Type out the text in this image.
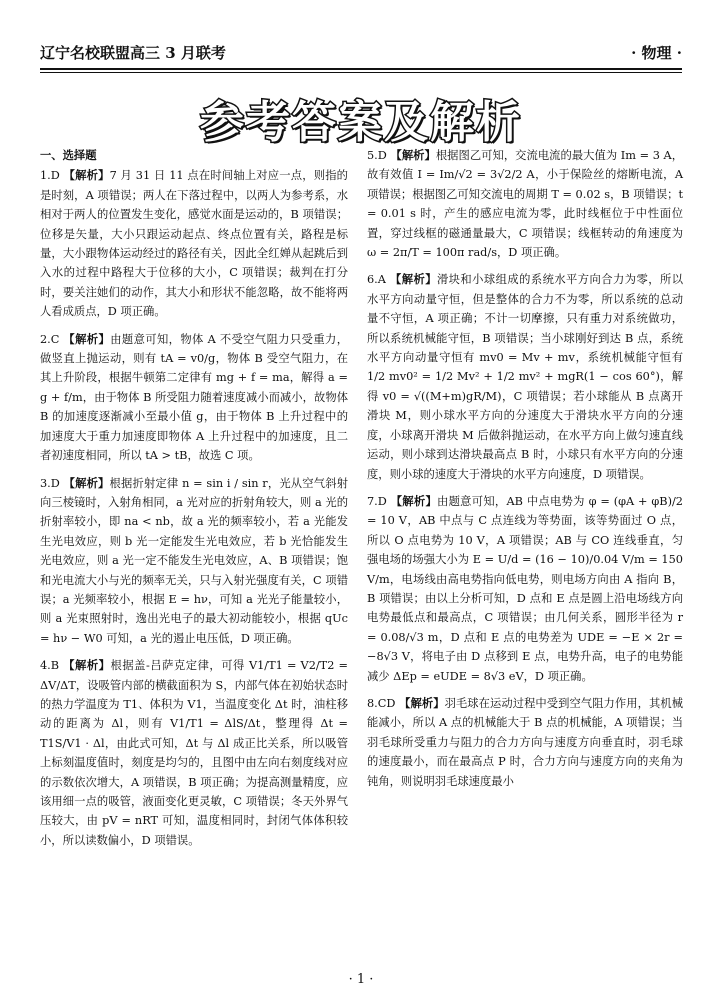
辽宁名校联盟高三 3 月联考	· 物理 ·
参考答案及解析

一、选择题

1.D 【解析】7 月 31 日 11 点在时间轴上对应一点，则指的是时刻，A 项错误；两人在下落过程中，以两人为参考系，水相对于两人的位置发生变化，感觉水面是运动的，B 项错误；位移是矢量，大小只跟运动起点、终点位置有关，路程是标量，大小跟物体运动经过的路径有关，因此全红婵从起跳后到入水的过程中路程大于位移的大小，C 项错误；裁判在打分时，要关注她们的动作，其大小和形状不能忽略，故不能将两人看成质点，D 项正确。

2.C 【解析】由题意可知，物体 A 不受空气阻力只受重力，做竖直上抛运动，则有 tA = v0/g，物体 B 受空气阻力，在其上升阶段，根据牛顿第二定律有 mg + f = ma，解得 a = g + f/m，由于物体 B 所受阻力随着速度减小而减小，故物体 B 的加速度逐渐减小至最小值 g，由于物体 B 上升过程中的加速度大于重力加速度即物体 A 上升过程中的加速度，且二者初速度相同，所以 tA > tB，故选 C 项。

3.D 【解析】根据折射定律 n = sin i / sin r，光从空气斜射向三棱镜时，入射角相同，a 光对应的折射角较大，则 a 光的折射率较小，即 na < nb，故 a 光的频率较小，若 a 光能发生光电效应，则 b 光一定能发生光电效应，若 b 光恰能发生光电效应，则 a 光一定不能发生光电效应，A、B 项错误；饱和光电流大小与光的频率无关，只与入射光强度有关，C 项错误；a 光频率较小，根据 E = hν，可知 a 光光子能量较小，则 a 光束照射时，逸出光电子的最大初动能较小，根据 qUc = hν − W0 可知，a 光的遏止电压低，D 项正确。

4.B 【解析】根据盖-吕萨克定律，可得 V1/T1 = V2/T2 = ΔV/ΔT，设吸管内部的横截面积为 S，内部气体在初始状态时的热力学温度为 T1、体积为 V1，当温度变化 Δt 时，油柱移动的距离为 Δl，则有 V1/T1 = ΔlS/Δt，整理得 Δt = T1S/V1 · Δl，由此式可知，Δt 与 Δl 成正比关系，所以吸管上标刻温度值时，刻度是均匀的，且图中由左向右刻度线对应的示数依次增大，A 项错误，B 项正确；为提高测量精度，应该用细一点的吸管，液面变化更灵敏，C 项错误；冬天外界气压较大，由 pV = nRT 可知，温度相同时，封闭气体体积较小，所以读数偏小，D 项错误。

5.D 【解析】根据图乙可知，交流电流的最大值为 Im = 3 A，故有效值 I = Im/√2 = 3√2/2 A，小于保险丝的熔断电流，A 项错误；根据图乙可知交流电的周期 T = 0.02 s，B 项错误；t = 0.01 s 时，产生的感应电流为零，此时线框位于中性面位置，穿过线框的磁通量最大，C 项错误；线框转动的角速度为 ω = 2π/T = 100π rad/s，D 项正确。

6.A 【解析】滑块和小球组成的系统水平方向合力为零，所以水平方向动量守恒，但是整体的合力不为零，所以系统的总动量不守恒，A 项正确；不计一切摩擦，只有重力对系统做功，所以系统机械能守恒，B 项错误；当小球刚好到达 B 点，系统水平方向动量守恒有 mv0 = Mv + mv，系统机械能守恒有 1/2 mv0² = 1/2 Mv² + 1/2 mv² + mgR(1 − cos 60°)，解得 v0 = √((M+m)gR/M)，C 项错误；若小球能从 B 点离开滑块 M，则小球水平方向的分速度大于滑块水平方向的分速度，小球离开滑块 M 后做斜抛运动，在水平方向上做匀速直线运动，则小球到达滑块最高点 B 时，小球只有水平方向的分速度，则小球的速度大于滑块的水平方向速度，D 项错误。

7.D 【解析】由题意可知，AB 中点电势为 φ = (φA + φB)/2 = 10 V，AB 中点与 C 点连线为等势面，该等势面过 O 点，所以 O 点电势为 10 V，A 项错误；AB 与 CO 连线垂直，匀强电场的场强大小为 E = U/d = (16 − 10)/0.04 V/m = 150 V/m，电场线由高电势指向低电势，则电场方向由 A 指向 B，B 项错误；由以上分析可知，D 点和 E 点是圆上沿电场线方向电势最低点和最高点，C 项错误；由几何关系，圆形半径为 r = 0.08/√3 m，D 点和 E 点的电势差为 UDE = −E × 2r = −8√3 V，将电子由 D 点移到 E 点，电势升高，电子的电势能减少 ΔEp = eUDE = 8√3 eV，D 项正确。

8.CD 【解析】羽毛球在运动过程中受到空气阻力作用，其机械能减小，所以 A 点的机械能大于 B 点的机械能，A 项错误；当羽毛球所受重力与阻力的合力方向与速度方向垂直时，羽毛球的速度最小，而在最高点 P 时，合力方向与速度方向的夹角为钝角，则说明羽毛球速度最小

· 1 ·
